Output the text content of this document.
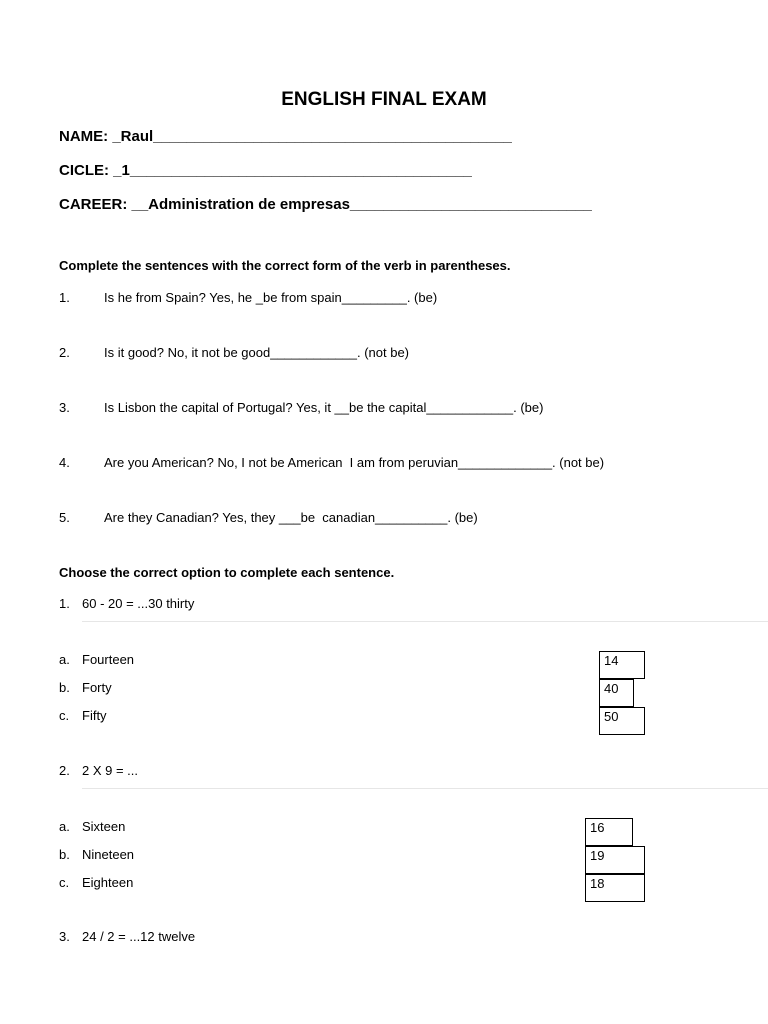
ENGLISH FINAL EXAM
NAME: _Raul___________________________________________
CICLE: _1_________________________________________
CAREER: __Administration de empresas_____________________________
Complete the sentences with the correct form of the verb in parentheses.
1.	Is he from Spain? Yes, he _be from spain_________. (be)
2.	Is it good? No, it not be good____________. (not be)
3.	Is Lisbon the capital of Portugal? Yes, it __be the capital____________. (be)
4.	Are you American? No, I not be American  I am from peruvian_____________. (not be)
5.	Are they Canadian? Yes, they ___be  canadian__________. (be)
Choose the correct option to complete each sentence.
1. 60 - 20 = ...30 thirty
a. Fourteen	14
b. Forty	40
c. Fifty	50
2. 2 X 9 = ...
a. Sixteen	16
b. Nineteen	19
c. Eighteen	18
3. 24 / 2 = ...12 twelve
